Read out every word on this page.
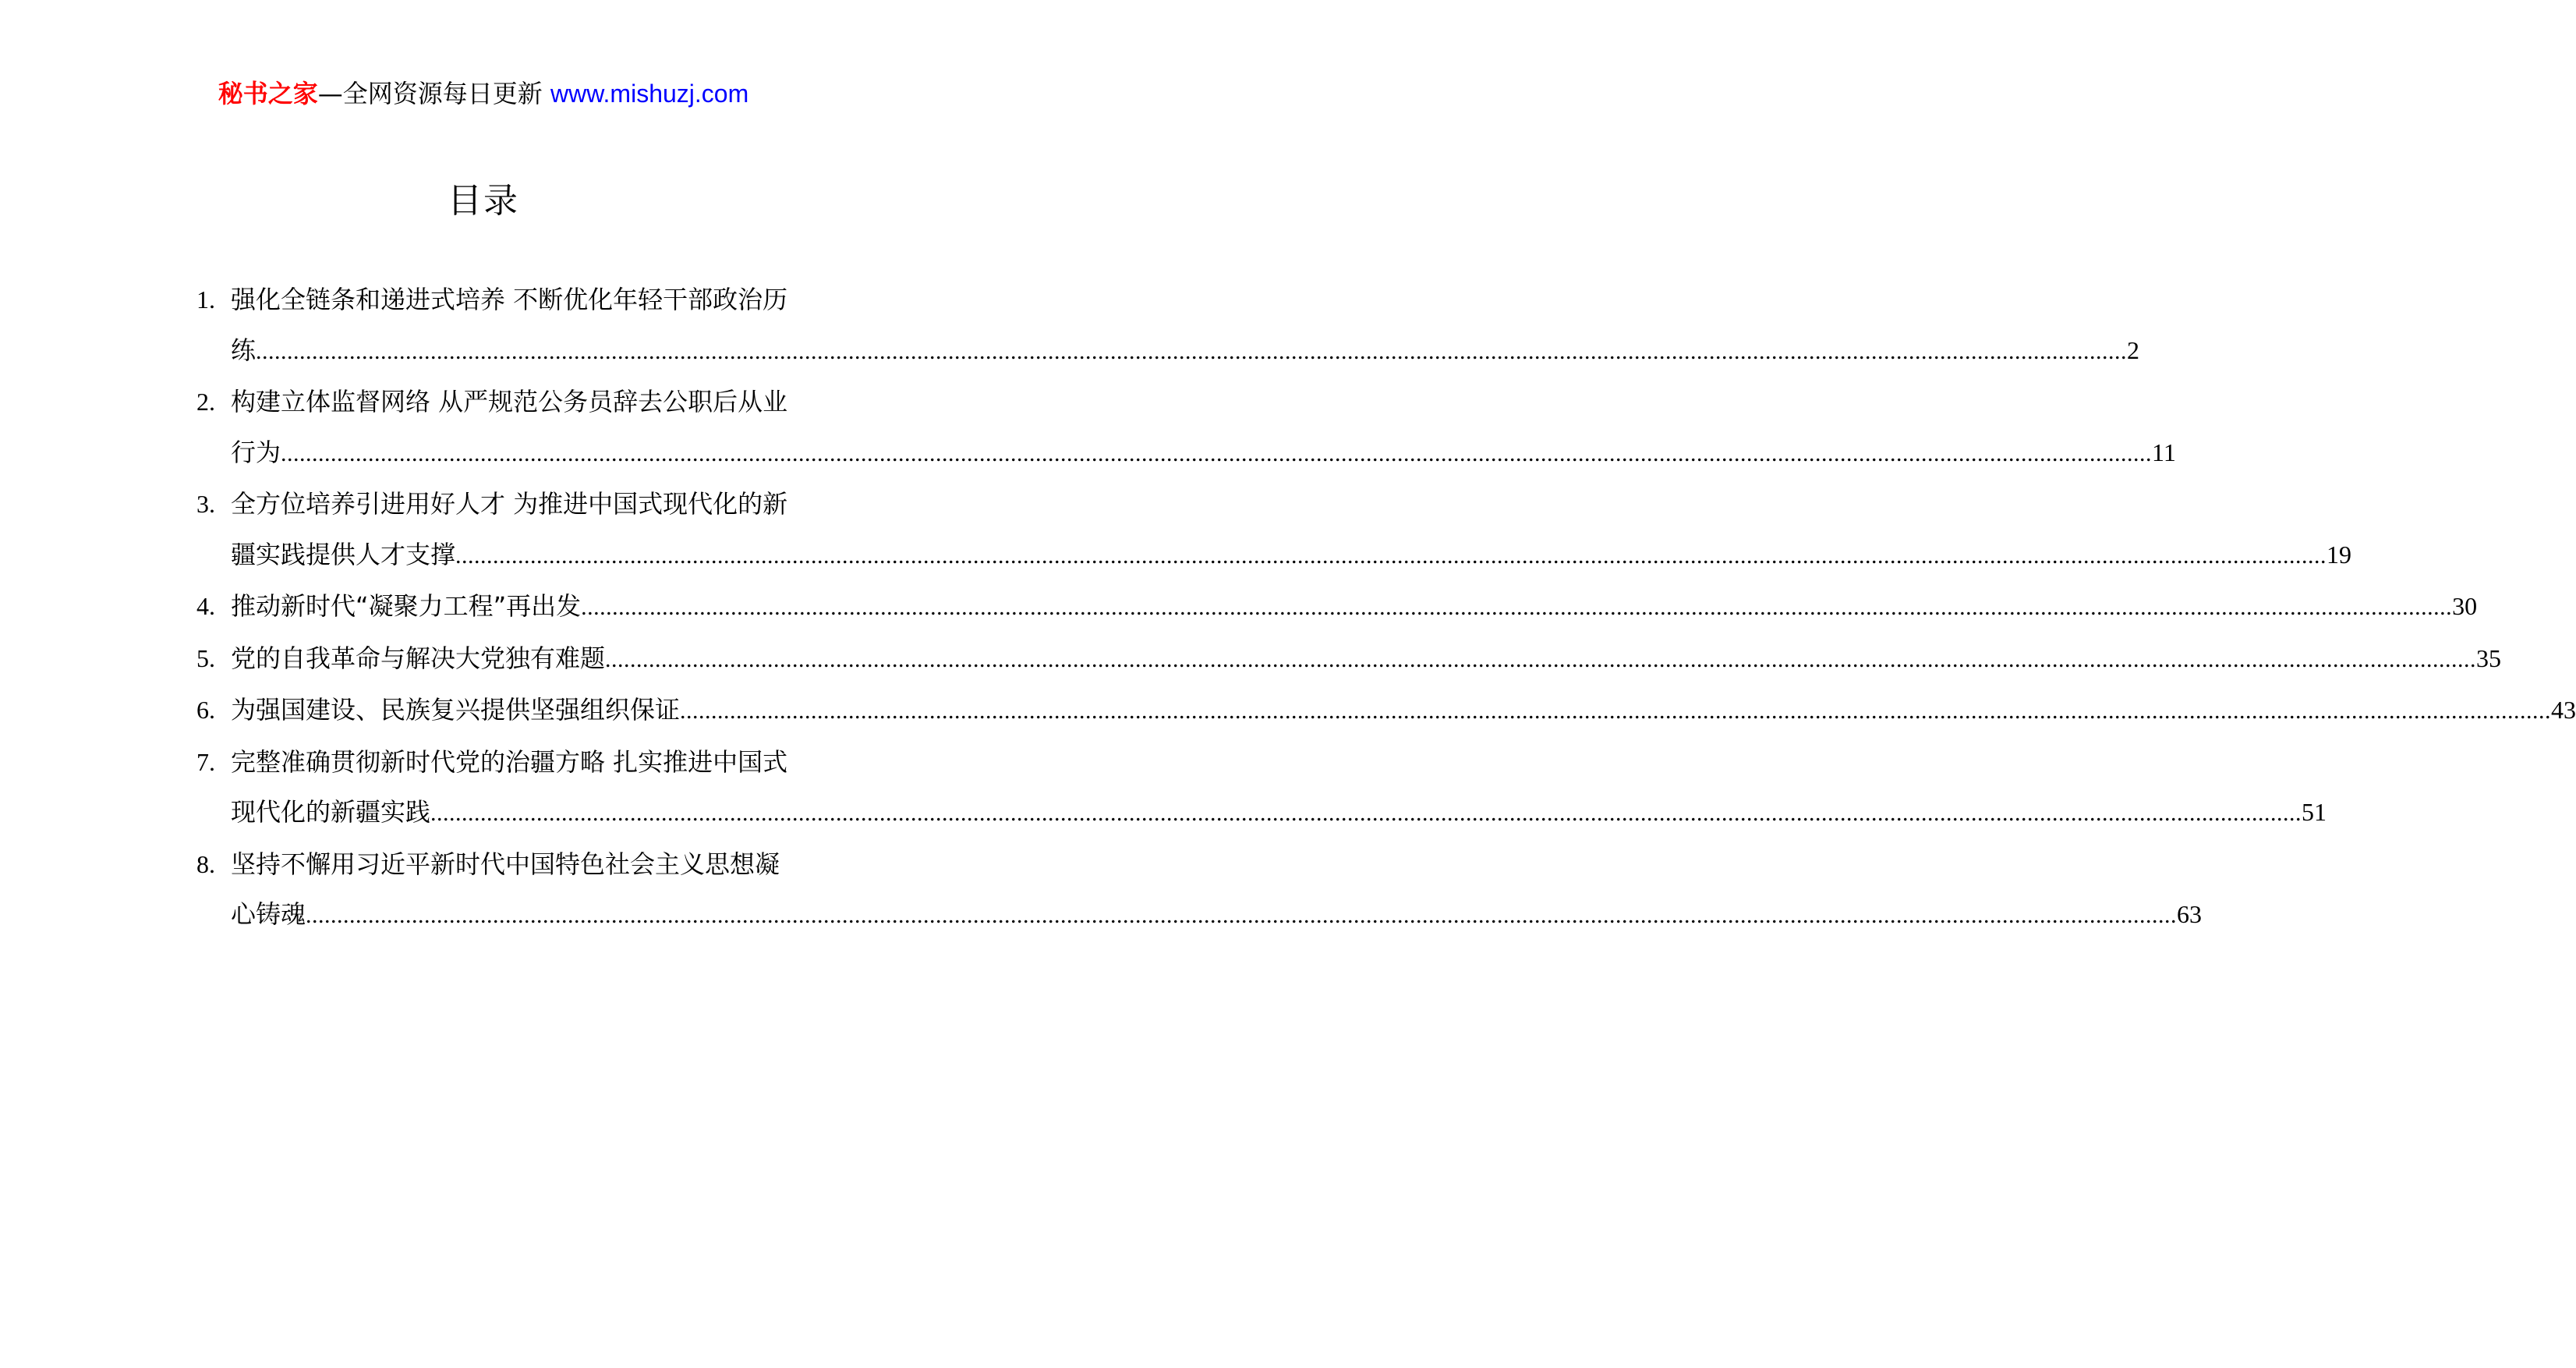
秘书之家—全网资源每日更新 www.mishuzj.com
目录
1. 强化全链条和递进式培养 不断优化年轻干部政治历
练 ............................................................................................................................................................................................................................................................................................................ 2
2. 构建立体监督网络 从严规范公务员辞去公职后从业
行为 ............................................................................................................................................................................................................................................................................................................ 11
3. 全方位培养引进用好人才 为推进中国式现代化的新
疆实践提供人才支撑 ............................................................................................................................................................................................................................................................................................................ 19
4. 推动新时代“凝聚力工程”再出发 ............................................................................................................................................................................................................................................................................................................ 30
5. 党的自我革命与解决大党独有难题 ............................................................................................................................................................................................................................................................................................................ 35
6. 为强国建设、民族复兴提供坚强组织保证 ............................................................................................................................................................................................................................................................................................................ 43
7. 完整准确贯彻新时代党的治疆方略 扎实推进中国式
现代化的新疆实践 ............................................................................................................................................................................................................................................................................................................ 51
8. 坚持不懈用习近平新时代中国特色社会主义思想凝
心铸魂 ............................................................................................................................................................................................................................................................................................................ 63
